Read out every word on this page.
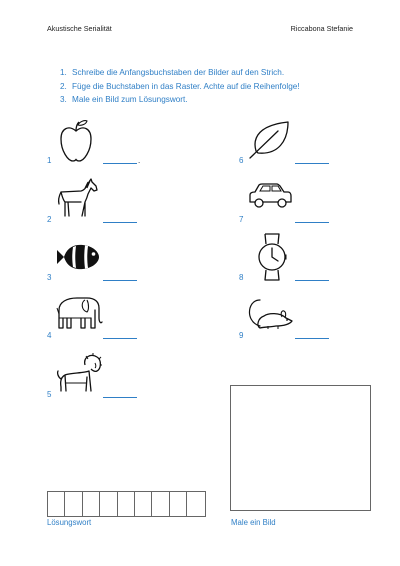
Akustische Serialität	Riccabona Stefanie
1. Schreibe die Anfangsbuchstaben der Bilder auf den Strich.
2. Füge die Buchstaben in das Raster. Achte auf die Reihenfolge!
3. Male ein Bild zum Lösungswort.
1	.
2
3
4
5
6
7
8
9
Lösungswort	Male ein Bild
